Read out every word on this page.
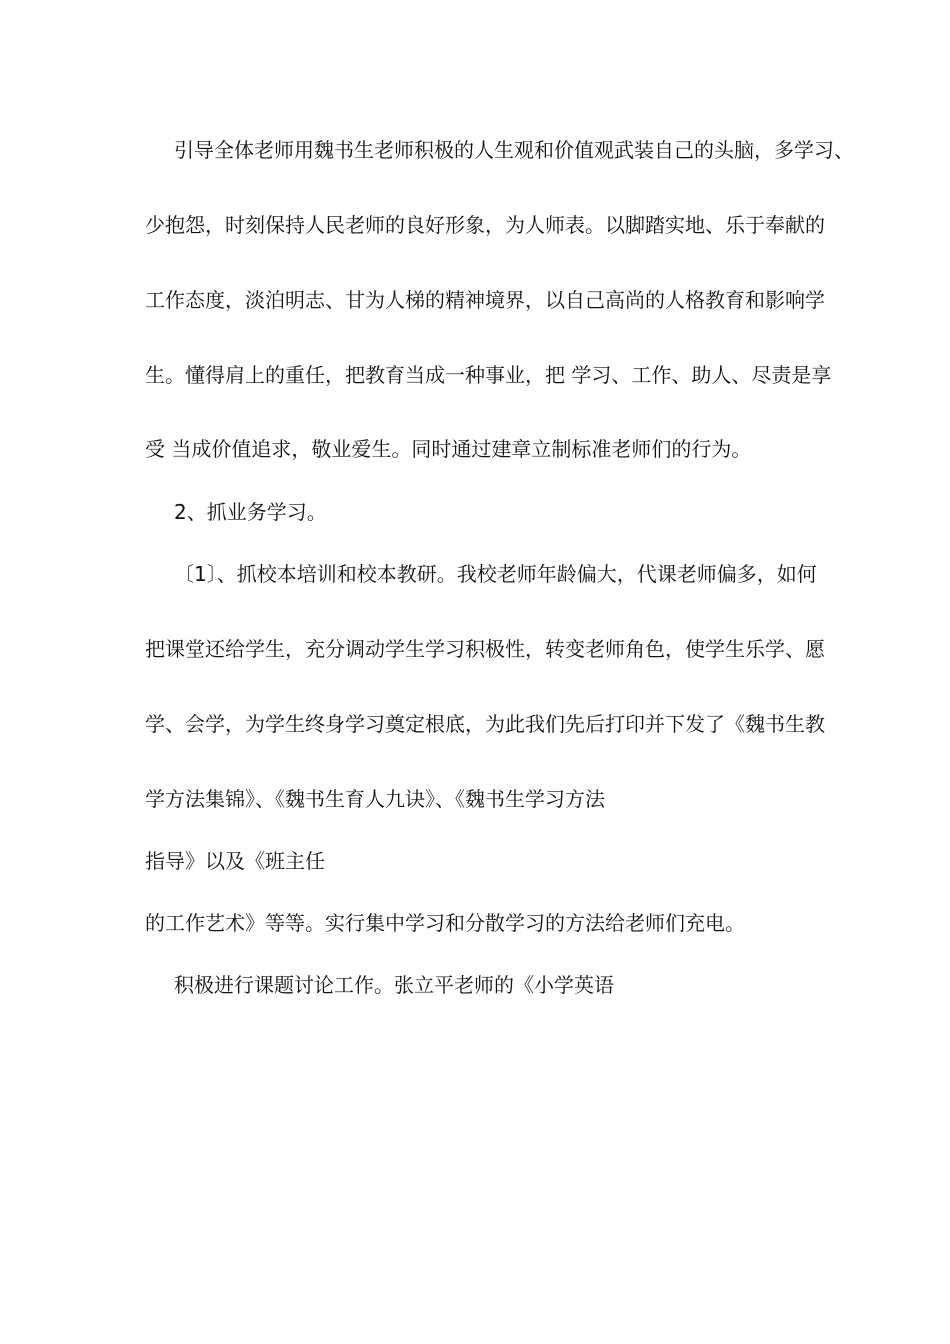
引导全体老师用魏书生老师积极的人生观和价值观武装自己的头脑，多学习、

少抱怨，时刻保持人民老师的良好形象，为人师表。以脚踏实地、乐于奉献的

工作态度，淡泊明志、甘为人梯的精神境界，以自己高尚的人格教育和影响学

生。懂得肩上的重任，把教育当成一种事业，把 学习、工作、助人、尽责是享

受 当成价值追求，敬业爱生。同时通过建章立制标准老师们的行为。

2、抓业务学习。

〔1〕、抓校本培训和校本教研。我校老师年龄偏大，代课老师偏多，如何

把课堂还给学生，充分调动学生学习积极性，转变老师角色，使学生乐学、愿

学、会学，为学生终身学习奠定根底，为此我们先后打印并下发了《魏书生教

学方法集锦》、《魏书生育人九诀》、《魏书生学习方法

指导》以及《班主任

的工作艺术》等等。实行集中学习和分散学习的方法给老师们充电。

积极进行课题讨论工作。张立平老师的《小学英语
